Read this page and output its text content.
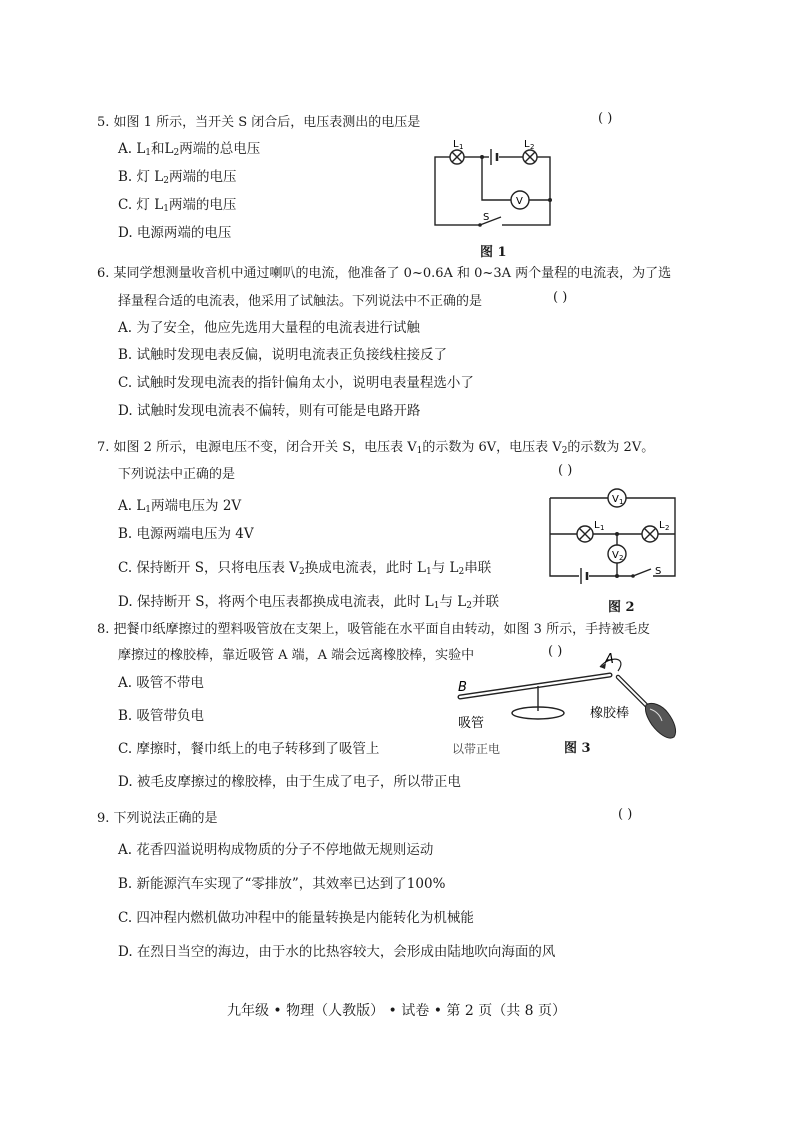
5. 如图 1 所示，当开关 S 闭合后，电压表测出的电压是	( )
A. $L_1$和$L_2$两端的总电压
B. 灯 $L_2$两端的电压
C. 灯 $L_1$两端的电压
D. 电源两端的电压
L 1	L 2
V
S
图 1
6. 某同学想测量收音机中通过喇叭的电流，他准备了 0~0.6A 和 0~3A 两个量程的电流表，为了选
择量程合适的电流表，他采用了试触法。下列说法中不正确的是	( )
A. 为了安全，他应先选用大量程的电流表进行试触
B. 试触时发现电表反偏，说明电流表正负接线柱接反了
C. 试触时发现电流表的指针偏角太小，说明电表量程选小了
D. 试触时发现电流表不偏转，则有可能是电路开路
7. 如图 2 所示，电源电压不变，闭合开关 S，电压表 $V_1$的示数为 6V，电压表 $V_2$的示数为 2V。
下列说法中正确的是	( )
A. $L_1$两端电压为 2V
B. 电源两端电压为 4V
C. 保持断开 S，只将电压表 $V_2$换成电流表，此时 $L_1$与 $L_2$串联
D. 保持断开 S，将两个电压表都换成电流表，此时 $L_1$与 $L_2$并联
V 1
L 1	L 2
V 2
S
图 2
8. 把餐巾纸摩擦过的塑料吸管放在支架上，吸管能在水平面自由转动，如图 3 所示，手持被毛皮
摩擦过的橡胶棒，靠近吸管 A 端，A 端会远离橡胶棒，实验中	( )
A. 吸管不带电
B. 吸管带负电
C. 摩擦时，餐巾纸上的电子转移到了吸管上
D. 被毛皮摩擦过的橡胶棒，由于生成了电子，所以带正电
A
B
吸管
橡胶棒
以带正电	图 3
9. 下列说法正确的是	( )
A. 花香四溢说明构成物质的分子不停地做无规则运动
B. 新能源汽车实现了“零排放”，其效率已达到了100%
C. 四冲程内燃机做功冲程中的能量转换是内能转化为机械能
D. 在烈日当空的海边，由于水的比热容较大，会形成由陆地吹向海面的风
九年级 • 物理（人教版） • 试卷 • 第 2 页（共 8 页）
